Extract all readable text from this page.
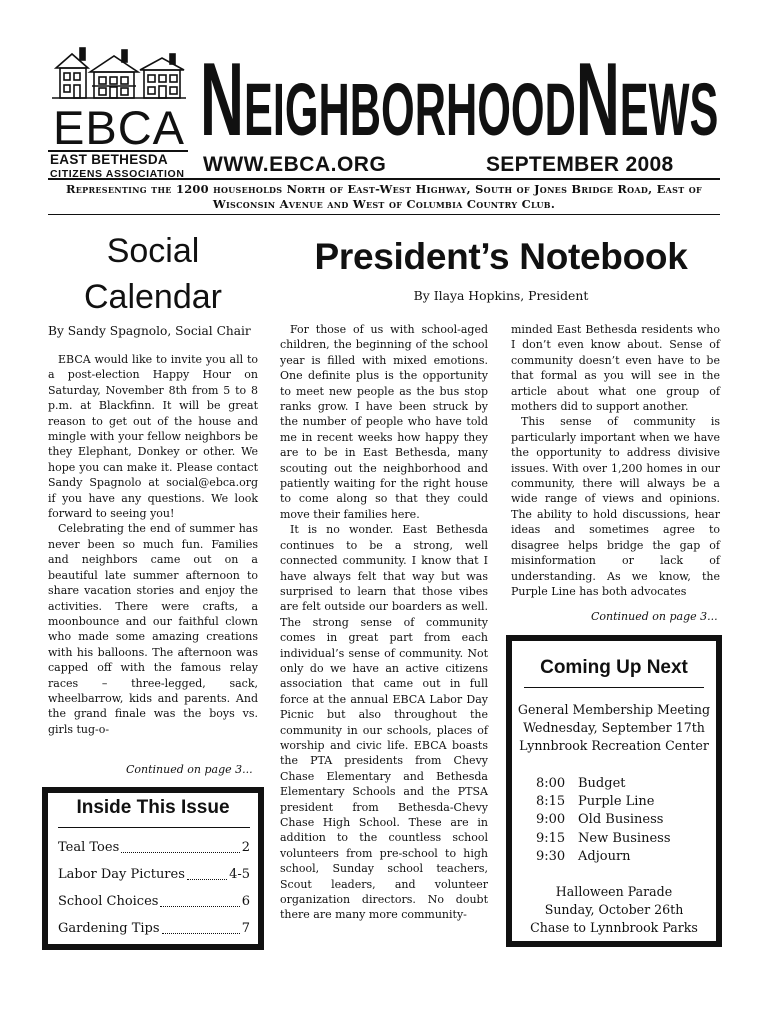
EBCA
EAST BETHESDA
CITIZENS ASSOCIATION
NEIGHBORHOODNEWS
WWW.EBCA.ORG	SEPTEMBER 2008
Representing the 1200 households North of East-West Highway, South of Jones Bridge Road, East of Wisconsin Avenue and West of Columbia Country Club.
Social
Calendar
By Sandy Spagnolo, Social Chair

EBCA would like to invite you all to a post-election Happy Hour on Saturday, November 8th from 5 to 8 p.m. at Blackfinn. It will be great reason to get out of the house and mingle with your fellow neighbors be they Elephant, Donkey or other. We hope you can make it. Please contact Sandy Spagnolo at social@ebca.org if you have any questions. We look forward to seeing you!

Celebrating the end of summer has never been so much fun. Families and neighbors came out on a beautiful late summer afternoon to share vacation stories and enjoy the activities. There were crafts, a moonbounce and our faithful clown who made some amazing creations with his balloons. The afternoon was capped off with the famous relay races – three-legged, sack, wheelbarrow, kids and parents. And the grand finale was the boys vs. girls tug-o-

Continued on page 3...
Inside This Issue
Teal Toes	2
Labor Day Pictures	4-5
School Choices	6
Gardening Tips	7
President’s Notebook
By Ilaya Hopkins, President

For those of us with school-aged children, the beginning of the school year is filled with mixed emotions. One definite plus is the opportunity to meet new people as the bus stop ranks grow. I have been struck by the number of people who have told me in recent weeks how happy they are to be in East Bethesda, many scouting out the neighborhood and patiently waiting for the right house to come along so that they could move their families here.

It is no wonder. East Bethesda continues to be a strong, well connected community. I know that I have always felt that way but was surprised to learn that those vibes are felt outside our boarders as well. The strong sense of community comes in great part from each individual’s sense of community. Not only do we have an active citizens association that came out in full force at the annual EBCA Labor Day Picnic but also throughout the community in our schools, places of worship and civic life. EBCA boasts the PTA presidents from Chevy Chase Elementary and Bethesda Elementary Schools and the PTSA president from Bethesda-Chevy Chase High School. These are in addition to the countless school volunteers from pre-school to high school, Sunday school teachers, Scout leaders, and volunteer organization directors. No doubt there are many more community-

minded East Bethesda residents who I don’t even know about. Sense of community doesn’t even have to be that formal as you will see in the article about what one group of mothers did to support another.

This sense of community is particularly important when we have the opportunity to address divisive issues. With over 1,200 homes in our community, there will always be a wide range of views and opinions. The ability to hold discussions, hear ideas and sometimes agree to disagree helps bridge the gap of misinformation or lack of understanding. As we know, the Purple Line has both advocates

Continued on page 3...
Coming Up Next
General Membership Meeting
Wednesday, September 17th
Lynnbrook Recreation Center
8:00 Budget
8:15 Purple Line
9:00 Old Business
9:15 New Business
9:30 Adjourn
Halloween Parade
Sunday, October 26th
Chase to Lynnbrook Parks
